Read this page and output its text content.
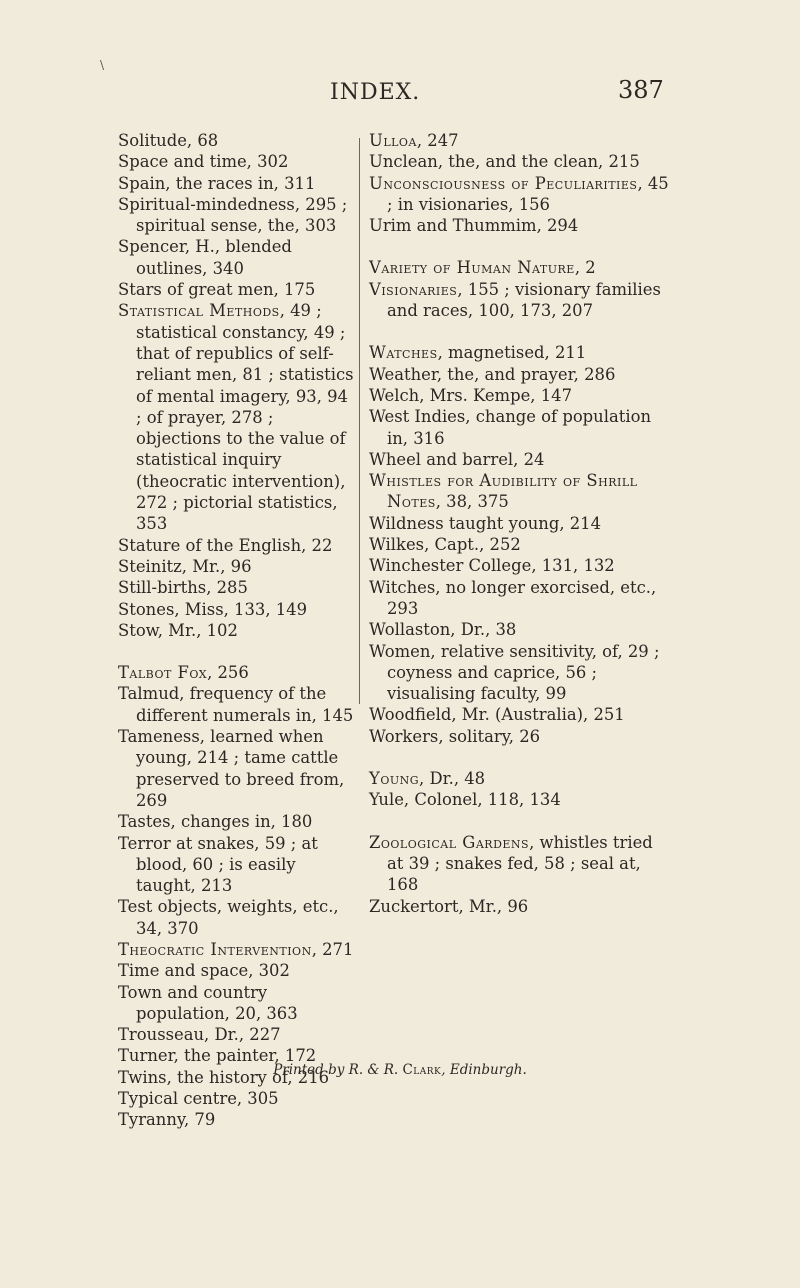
INDEX.	387
\
Solitude, 68
Space and time, 302
Spain, the races in, 311
Spiritual-mindedness, 295 ; spiritual sense, the, 303
Spencer, H., blended outlines, 340
Stars of great men, 175
Statistical Methods, 49 ; statistical constancy, 49 ; that of republics of self-reliant men, 81 ; statistics of mental imagery, 93, 94 ; of prayer, 278 ; objections to the value of statistical inquiry (theocratic intervention), 272 ; pictorial statistics, 353
Stature of the English, 22
Steinitz, Mr., 96
Still-births, 285
Stones, Miss, 133, 149
Stow, Mr., 102
Talbot Fox, 256
Talmud, frequency of the different numerals in, 145
Tameness, learned when young, 214 ; tame cattle preserved to breed from, 269
Tastes, changes in, 180
Terror at snakes, 59 ; at blood, 60 ; is easily taught, 213
Test objects, weights, etc., 34, 370
Theocratic Intervention, 271
Time and space, 302
Town and country population, 20, 363
Trousseau, Dr., 227
Turner, the painter, 172
Twins, the history of, 216
Typical centre, 305
Tyranny, 79
Ulloa, 247
Unclean, the, and the clean, 215
Unconsciousness of Peculiarities, 45 ; in visionaries, 156
Urim and Thummim, 294
Variety of Human Nature, 2
Visionaries, 155 ; visionary families and races, 100, 173, 207
Watches, magnetised, 211
Weather, the, and prayer, 286
Welch, Mrs. Kempe, 147
West Indies, change of population in, 316
Wheel and barrel, 24
Whistles for Audibility of Shrill Notes, 38, 375
Wildness taught young, 214
Wilkes, Capt., 252
Winchester College, 131, 132
Witches, no longer exorcised, etc., 293
Wollaston, Dr., 38
Women, relative sensitivity, of, 29 ; coyness and caprice, 56 ; visualising faculty, 99
Woodfield, Mr. (Australia), 251
Workers, solitary, 26
Young, Dr., 48
Yule, Colonel, 118, 134
Zoological Gardens, whistles tried at 39 ; snakes fed, 58 ; seal at, 168
Zuckertort, Mr., 96
Printed by R. & R. Clark, Edinburgh.
